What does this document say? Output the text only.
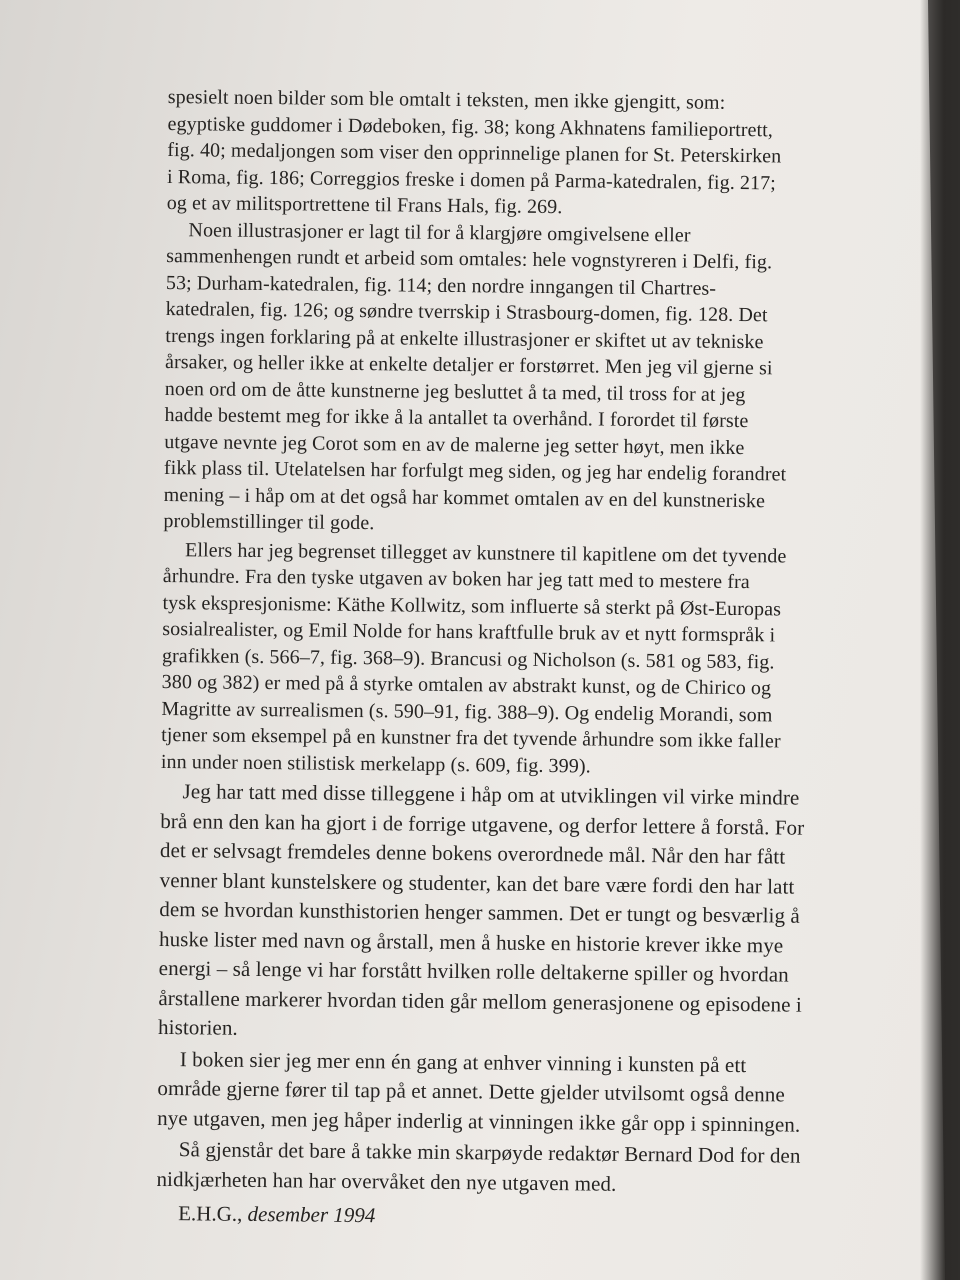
spesielt noen bilder som ble omtalt i teksten, men ikke gjengitt, som:
egyptiske guddomer i Dødeboken, fig. 38; kong Akhnatens familieportrett,
fig. 40; medaljongen som viser den opprinnelige planen for St. Peterskirken
i Roma, fig. 186; Correggios freske i domen på Parma-katedralen, fig. 217;
og et av militsportrettene til Frans Hals, fig. 269.

Noen illustrasjoner er lagt til for å klargjøre omgivelsene eller
sammenhengen rundt et arbeid som omtales: hele vognstyreren i Delfi, fig.
53; Durham-katedralen, fig. 114; den nordre inngangen til Chartres-
katedralen, fig. 126; og søndre tverrskip i Strasbourg-domen, fig. 128. Det
trengs ingen forklaring på at enkelte illustrasjoner er skiftet ut av tekniske
årsaker, og heller ikke at enkelte detaljer er forstørret. Men jeg vil gjerne si
noen ord om de åtte kunstnerne jeg besluttet å ta med, til tross for at jeg
hadde bestemt meg for ikke å la antallet ta overhånd. I forordet til første
utgave nevnte jeg Corot som en av de malerne jeg setter høyt, men ikke
fikk plass til. Utelatelsen har forfulgt meg siden, og jeg har endelig forandret
mening – i håp om at det også har kommet omtalen av en del kunstneriske
problemstillinger til gode.

Ellers har jeg begrenset tillegget av kunstnere til kapitlene om det tyvende
århundre. Fra den tyske utgaven av boken har jeg tatt med to mestere fra
tysk ekspresjonisme: Käthe Kollwitz, som influerte så sterkt på Øst-Europas
sosialrealister, og Emil Nolde for hans kraftfulle bruk av et nytt formspråk i
grafikken (s. 566–7, fig. 368–9). Brancusi og Nicholson (s. 581 og 583, fig.
380 og 382) er med på å styrke omtalen av abstrakt kunst, og de Chirico og
Magritte av surrealismen (s. 590–91, fig. 388–9). Og endelig Morandi, som
tjener som eksempel på en kunstner fra det tyvende århundre som ikke faller
inn under noen stilistisk merkelapp (s. 609, fig. 399).

Jeg har tatt med disse tilleggene i håp om at utviklingen vil virke mindre
brå enn den kan ha gjort i de forrige utgavene, og derfor lettere å forstå. For
det er selvsagt fremdeles denne bokens overordnede mål. Når den har fått
venner blant kunstelskere og studenter, kan det bare være fordi den har latt
dem se hvordan kunsthistorien henger sammen. Det er tungt og besværlig å
huske lister med navn og årstall, men å huske en historie krever ikke mye
energi – så lenge vi har forstått hvilken rolle deltakerne spiller og hvordan
årstallene markerer hvordan tiden går mellom generasjonene og episodene i
historien.

I boken sier jeg mer enn én gang at enhver vinning i kunsten på ett
område gjerne fører til tap på et annet. Dette gjelder utvilsomt også denne
nye utgaven, men jeg håper inderlig at vinningen ikke går opp i spinningen.

Så gjenstår det bare å takke min skarpøyde redaktør Bernard Dod for den
nidkjærheten han har overvåket den nye utgaven med.

E.H.G., desember 1994
